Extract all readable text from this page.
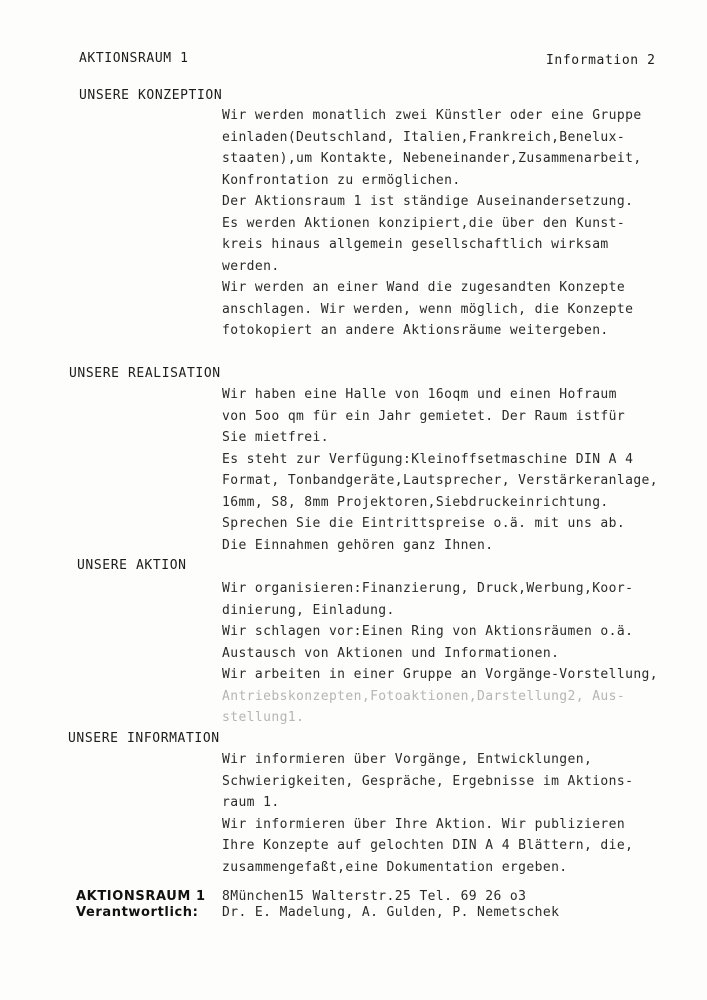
AKTIONSRAUM 1	Information 2
UNSERE KONZEPTION
Wir werden monatlich zwei Künstler oder eine Gruppe
einladen(Deutschland, Italien,Frankreich,Benelux-
staaten),um Kontakte, Nebeneinander,Zusammenarbeit,
Konfrontation zu ermöglichen.
Der Aktionsraum 1 ist ständige Auseinandersetzung.
Es werden Aktionen konzipiert,die über den Kunst-
kreis hinaus allgemein gesellschaftlich wirksam
werden.
Wir werden an einer Wand die zugesandten Konzepte
anschlagen. Wir werden, wenn möglich, die Konzepte
fotokopiert an andere Aktionsräume weitergeben.
UNSERE REALISATION
Wir haben eine Halle von 16oqm und einen Hofraum
von 5oo qm für ein Jahr gemietet. Der Raum istfür
Sie mietfrei.
Es steht zur Verfügung:Kleinoffsetmaschine DIN A 4
Format, Tonbandgeräte,Lautsprecher, Verstärkeranlage,
16mm, S8, 8mm Projektoren,Siebdruckeinrichtung.
Sprechen Sie die Eintrittspreise o.ä. mit uns ab.
Die Einnahmen gehören ganz Ihnen.
UNSERE AKTION
Wir organisieren:Finanzierung, Druck,Werbung,Koor-
dinierung, Einladung.
Wir schlagen vor:Einen Ring von Aktionsräumen o.ä.
Austausch von Aktionen und Informationen.
Wir arbeiten in einer Gruppe an Vorgänge-Vorstellung,
Antriebskonzepten,Fotoaktionen,Darstellung2, Aus-
stellung1.
UNSERE INFORMATION
Wir informieren über Vorgänge, Entwicklungen,
Schwierigkeiten, Gespräche, Ergebnisse im Aktions-
raum 1.
Wir informieren über Ihre Aktion. Wir publizieren
Ihre Konzepte auf gelochten DIN A 4 Blättern, die,
zusammengefaßt,eine Dokumentation ergeben.
AKTIONSRAUM 1
Verantwortlich:
8München15 Walterstr.25 Tel. 69 26 o3
Dr. E. Madelung, A. Gulden, P. Nemetschek
